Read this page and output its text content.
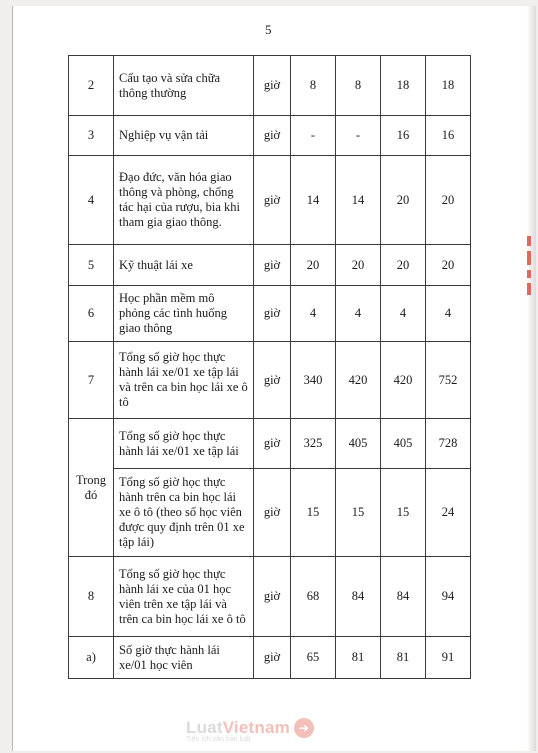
5
2	Cấu tạo và sửa chữa thông thường	giờ	8	8	18	18
3	Nghiệp vụ vận tải	giờ	-	-	16	16
4	Đạo đức, văn hóa giao thông và phòng, chống tác hại của rượu, bia khi tham gia giao thông.	giờ	14	14	20	20
5	Kỹ thuật lái xe	giờ	20	20	20	20
6	Học phần mềm mô phỏng các tình huống giao thông	giờ	4	4	4	4
7	Tổng số giờ học thực hành lái xe/01 xe tập lái và trên ca bin học lái xe ô tô	giờ	340	420	420	752
Trong đó	Tổng số giờ học thực hành lái xe/01 xe tập lái	giờ	325	405	405	728
	Tổng số giờ học thực hành trên ca bin học lái xe ô tô (theo số học viên được quy định trên 01 xe tập lái)	giờ	15	15	15	24
8	Tổng số giờ học thực hành lái xe của 01 học viên trên xe tập lái và trên ca bin học lái xe ô tô	giờ	68	84	84	94
a)	Số giờ thực hành lái xe/01 học viên	giờ	65	81	81	91
Luat Vietnam ➜
Tiện ích văn bản luật
